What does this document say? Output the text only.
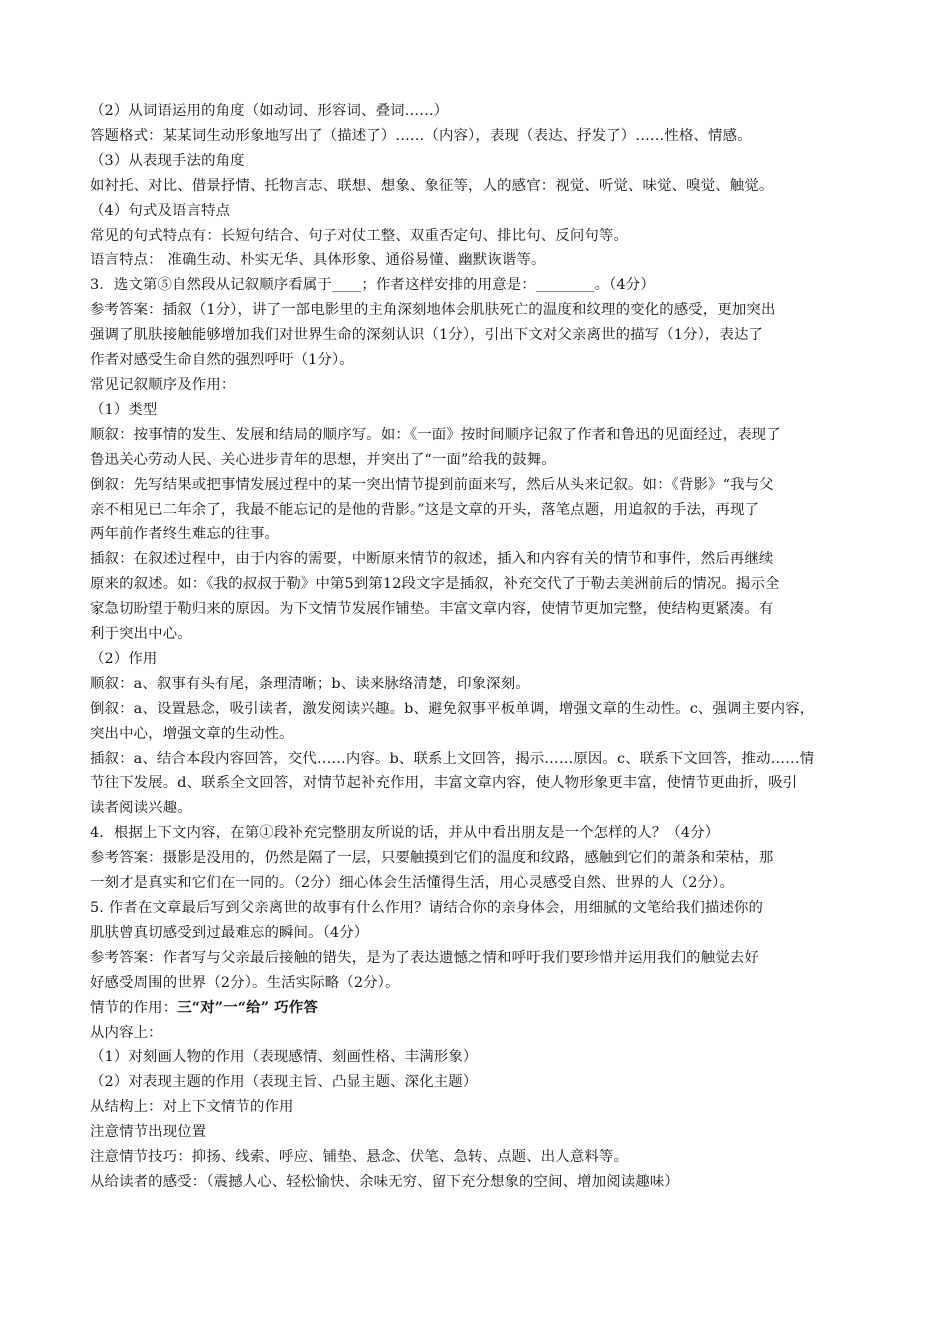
（2）从词语运用的角度（如动词、形容词、叠词……）
答题格式：某某词生动形象地写出了（描述了）……（内容），表现（表达、抒发了）……性格、情感。
（3）从表现手法的角度
如衬托、对比、借景抒情、托物言志、联想、想象、象征等，人的感官：视觉、听觉、味觉、嗅觉、触觉。
（4）句式及语言特点
常见的句式特点有：长短句结合、句子对仗工整、双重否定句、排比句、反问句等。
语言特点： 准确生动、朴实无华、具体形象、通俗易懂、幽默诙谐等。
3．选文第⑤自然段从记叙顺序看属于____；作者这样安排的用意是：________。（4分）
参考答案：插叙（1分），讲了一部电影里的主角深刻地体会肌肤死亡的温度和纹理的变化的感受，更加突出
强调了肌肤接触能够增加我们对世界生命的深刻认识（1分），引出下文对父亲离世的描写（1分），表达了
作者对感受生命自然的强烈呼吁（1分）。
常见记叙顺序及作用：
（1）类型
顺叙：按事情的发生、发展和结局的顺序写。如：《一面》按时间顺序记叙了作者和鲁迅的见面经过，表现了
鲁迅关心劳动人民、关心进步青年的思想，并突出了“一面”给我的鼓舞。
倒叙：先写结果或把事情发展过程中的某一突出情节提到前面来写，然后从头来记叙。如：《背影》“我与父
亲不相见已二年余了，我最不能忘记的是他的背影。”这是文章的开头，落笔点题，用追叙的手法，再现了
两年前作者终生难忘的往事。
插叙：在叙述过程中，由于内容的需要，中断原来情节的叙述，插入和内容有关的情节和事件，然后再继续
原来的叙述。如：《我的叔叔于勒》中第5到第12段文字是插叙，补充交代了于勒去美洲前后的情况。揭示全
家急切盼望于勒归来的原因。为下文情节发展作铺垫。丰富文章内容，使情节更加完整，使结构更紧凑。有
利于突出中心。
（2）作用
顺叙：a、叙事有头有尾，条理清晰；b、读来脉络清楚，印象深刻。
倒叙：a、设置悬念，吸引读者，激发阅读兴趣。b、避免叙事平板单调，增强文章的生动性。c、强调主要内容，
突出中心，增强文章的生动性。
插叙：a、结合本段内容回答，交代……内容。b、联系上文回答，揭示……原因。c、联系下文回答，推动……情
节往下发展。d、联系全文回答，对情节起补充作用，丰富文章内容，使人物形象更丰富，使情节更曲折，吸引
读者阅读兴趣。
4．根据上下文内容，在第①段补充完整朋友所说的话，并从中看出朋友是一个怎样的人？（4分）
参考答案：摄影是没用的，仍然是隔了一层，只要触摸到它们的温度和纹路，感触到它们的萧条和荣枯，那
一刻才是真实和它们在一同的。（2分）细心体会生活懂得生活，用心灵感受自然、世界的人（2分）。
5. 作者在文章最后写到父亲离世的故事有什么作用？请结合你的亲身体会，用细腻的文笔给我们描述你的
肌肤曾真切感受到过最难忘的瞬间。（4分）
参考答案：作者写与父亲最后接触的错失，是为了表达遗憾之情和呼吁我们要珍惜并运用我们的触觉去好
好感受周围的世界（2分）。生活实际略（2分）。
情节的作用：三“对”一“给” 巧作答
从内容上：
（1）对刻画人物的作用（表现感情、刻画性格、丰满形象）
（2）对表现主题的作用（表现主旨、凸显主题、深化主题）
从结构上：对上下文情节的作用
注意情节出现位置
注意情节技巧：抑扬、线索、呼应、铺垫、悬念、伏笔、急转、点题、出人意料等。
从给读者的感受：（震撼人心、轻松愉快、余味无穷、留下充分想象的空间、增加阅读趣味）
